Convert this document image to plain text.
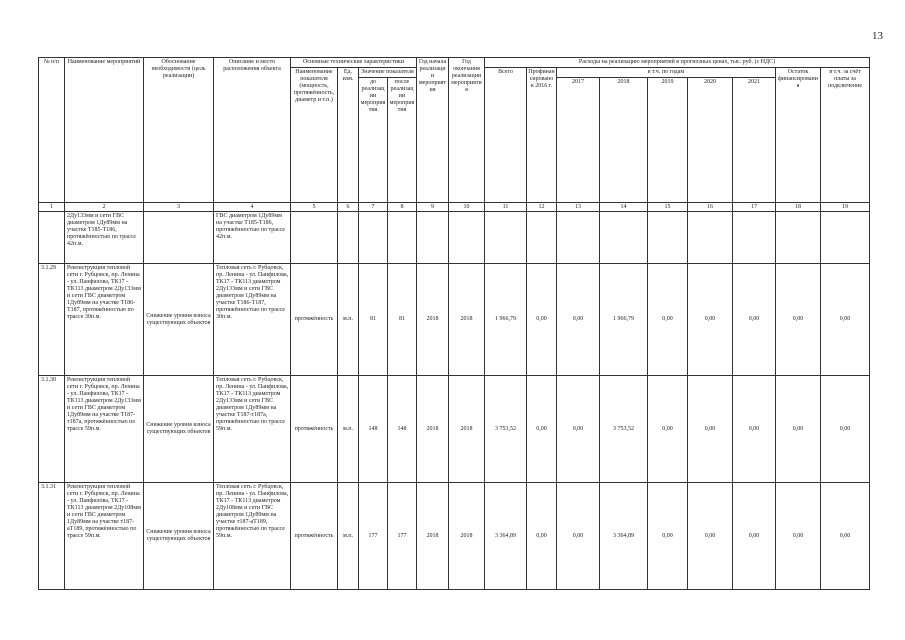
13
№ п/п	Наименование мероприятий	Обоснование необходимости (цель реализации)	Описание и место расположения объекта	Основные технические характеристики				Год начала реализации мероприятия	Год окончания реализации мероприятия	Расходы на реализацию мероприятий в прогнозных ценах, тыс. руб. (с НДС)								
				Наименование показателя (мощность, протяжённость, диаметр и т.п.)	Ед. изм.	Значение показателя				Всего	Профинансировано к 2016 г.	в т.ч. по годам					Остаток финансирования	в т.ч. за счёт платы за подключение
						до реализации мероприятия	после реализации мероприятия					2017	2018	2019	2020	2021		

1	2	3	4	5	6	7	8	9	10	11	12	13	14	15	16	17	18	19
	2Ду133мм и сети ГВС диаметром 1Ду89мм на участке Т185-Т186, протяжённостью по трассе 42п.м.		ГВС диаметром 1Ду89мм на участке Т185-Т186, протяжённостью по трассе 42п.м.															
3.1.29	Реконструкция тепловой сети г. Рубцовск, пр. Ленина - ул. Панфилова, ТК17 - ТК113 диаметром 2Ду133мм и сети ГВС диаметром 1Ду89мм на участке Т186-Т187, протяжённостью по трассе 30п.м.	Снижение уровня износа существующих объектов	Тепловая сеть г. Рубцовск, пр. Ленина - ул. Панфилова, ТК17 - ТК113 диаметром 2Ду133мм и сети ГВС диаметром 1Ду89мм на участке Т186-Т187, протяжённостью по трассе 30п.м.	протяжённость	м.п.	81	81	2018	2018	1 966,79	0,00	0,00	1 966,79	0,00	0,00	0,00	0,00	0,00
3.1.30	Реконструкция тепловой сети г. Рубцовск, пр. Ленина - ул. Панфилова, ТК17 - ТК113 диаметром 2Ду133мм и сети ГВС диаметром 1Ду89мм на участке Т187-т187а, протяжённостью по трассе 59п.м.	Снижение уровня износа существующих объектов	Тепловая сеть г. Рубцовск, пр. Ленина - ул. Панфилова, ТК17 - ТК113 диаметром 2Ду133мм и сети ГВС диаметром 1Ду89мм на участке Т187-т187а, протяжённостью по трассе 59п.м.	протяжённость	м.п.	148	148	2018	2018	3 753,52	0,00	0,00	3 753,52	0,00	0,00	0,00	0,00	0,00
3.1.31	Реконструкция тепловой сети г. Рубцовск, пр. Ленина - ул. Панфилова, ТК17 - ТК113 диаметром 2Ду108мм и сети ГВС диаметром 1Ду89мм на участке т187-аТ189, протяжённостью по трассе 59п.м.	Снижение уровня износа существующих объектов	Тепловая сеть г. Рубцовск, пр. Ленина - ул. Панфилова, ТК17 - ТК113 диаметром 2Ду108мм и сети ГВС диаметром 1Ду89мм на участке т187-аТ189, протяжённостью по трассе 59п.м.	протяжённость	м.п.	177	177	2018	2018	3 364,89	0,00	0,00	3 364,89	0,00	0,00	0,00	0,00	0,00
